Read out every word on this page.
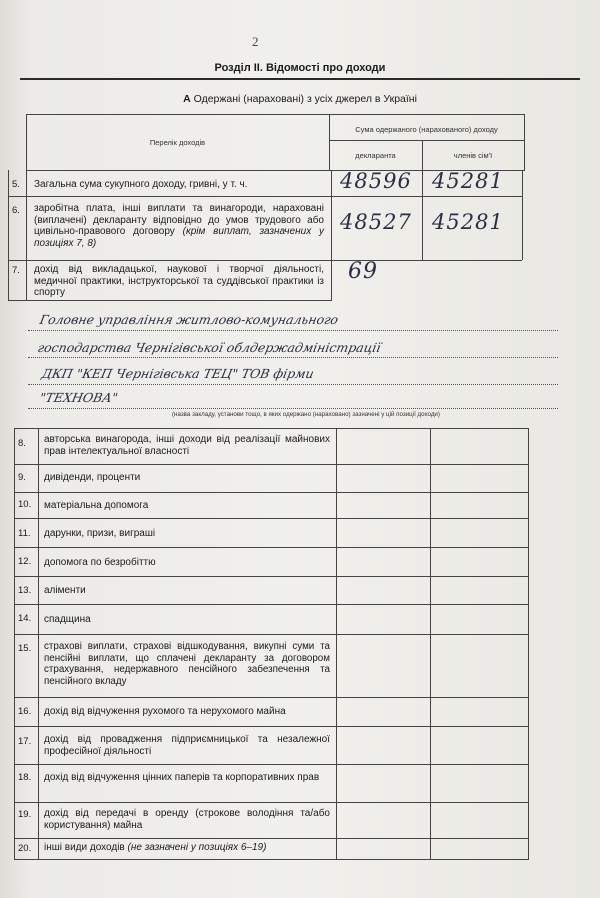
2
Розділ II. Відомості про доходи
А Одержані (нараховані) з усіх джерел в Україні
Перелік доходів
Сума одержаного (нарахованого) доходу
декларанта	членів сім'ї
5. Загальна сума сукупного доходу, гривні, у т. ч.	48596 45281
6. заробітна плата, інші виплати та винагороди, нараховані (виплачені) декларанту відповідно до умов трудового або цивільно-правового договору (крім виплат, зазначених у позиціях 7, 8)
48527 45281
7. дохід від викладацької, наукової і творчої діяльності, медичної практики, інструкторської та суддівської практики із спорту
69
Головне управління житлово-комунального
господарства Чернігівської облдержадміністрації
ДКП "КЕП Чернігівська ТЕЦ" ТОВ фірми
"ТЕХНОВА"
(назва закладу, установи тощо, в яких одержано (нараховано) зазначені у цій позиції доходи)
8. авторська винагорода, інші доходи від реалізації майнових прав інтелектуальної власності
9. дивіденди, проценти
10. матеріальна допомога
11. дарунки, призи, виграші
12. допомога по безробіттю
13. аліменти
14. спадщина
15. страхові виплати, страхові відшкодування, викупні суми та пенсійні виплати, що сплачені декларанту за договором страхування, недержавного пенсійного забезпечення та пенсійного вкладу
16. дохід від відчуження рухомого та нерухомого майна
17. дохід від провадження підприємницької та незалежної професійної діяльності
18. дохід від відчуження цінних паперів та корпоративних прав
19. дохід від передачі в оренду (строкове володіння та/або користування) майна
20. інші види доходів (не зазначені у позиціях 6–19)
